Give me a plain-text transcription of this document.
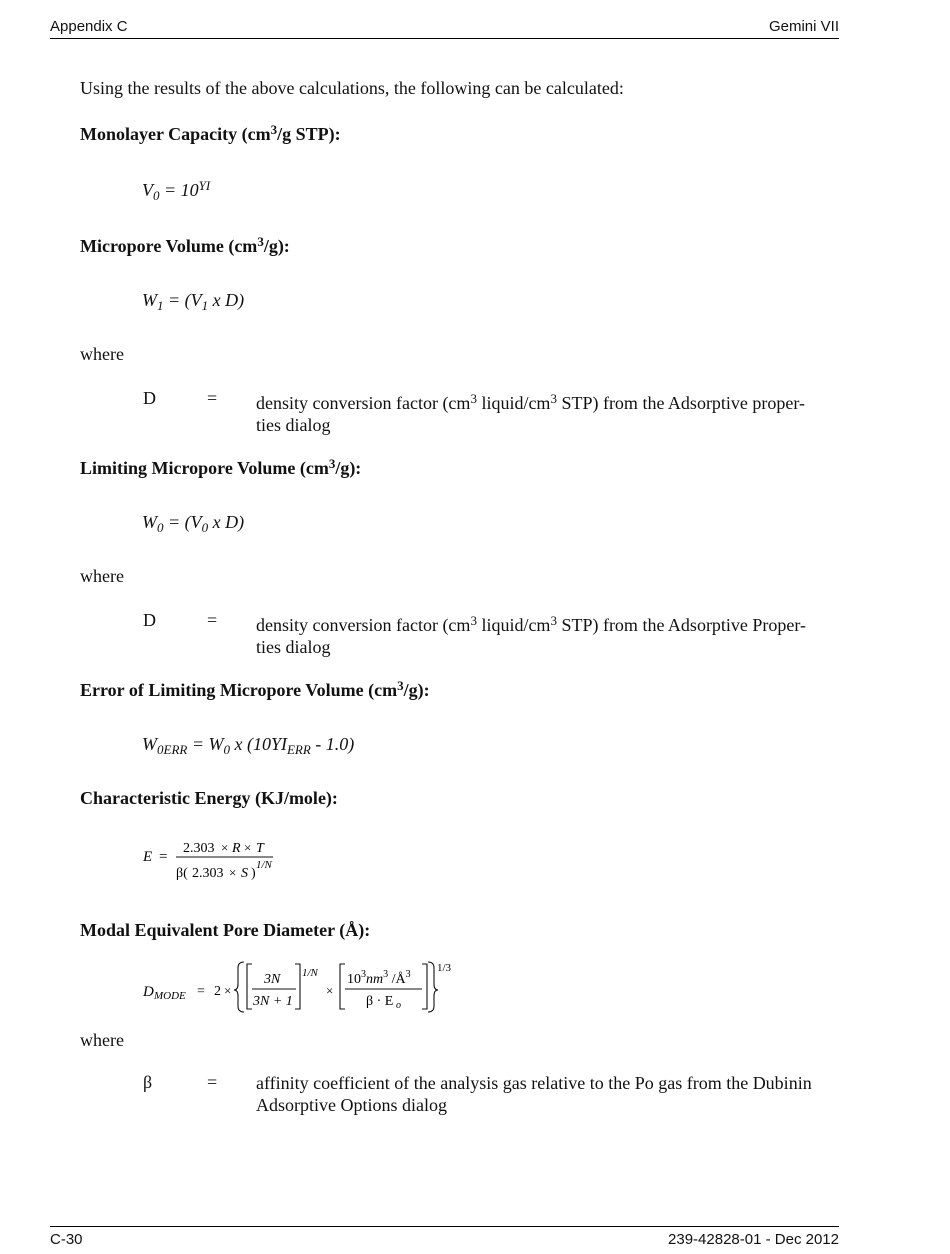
Appendix C	Gemini VII
Using the results of the above calculations, the following can be calculated:
Monolayer Capacity ($cm^3/g$ STP):
$V_0 = 10^{YI}$
Micropore Volume $(cm^3/g)$:
$W_1 = (V_1$ x D)
where
D	= density conversion factor ($cm^3$ liquid/$cm^3$ STP) from the Adsorptive proper-
ties dialog
Limiting Micropore Volume $(cm^3/g)$:
$W_0 = (V_0$ x D)
where
D	= density conversion factor ($cm^3$ liquid/$cm^3$ STP) from the Adsorptive Proper-
ties dialog
Error of Limiting Micropore Volume $(cm^3/g)$:
$W_{0ERR} = W_0$ x $(10YI_{ERR} - 1.0)$
Characteristic Energy (KJ/mole):
E =
2.303 × R × T
β( 2.303 × S )
1/N
Modal Equivalent Pore Diameter (Å):
D MODE = 2 ×
3N
3N + 1
1/N
×
$10^3nm^3$ $/Å^3$
β · E o
1/3
where
β	= affinity coefficient of the analysis gas relative to the Po gas from the Dubinin
Adsorptive Options dialog
C-30	239-42828-01 - Dec 2012
